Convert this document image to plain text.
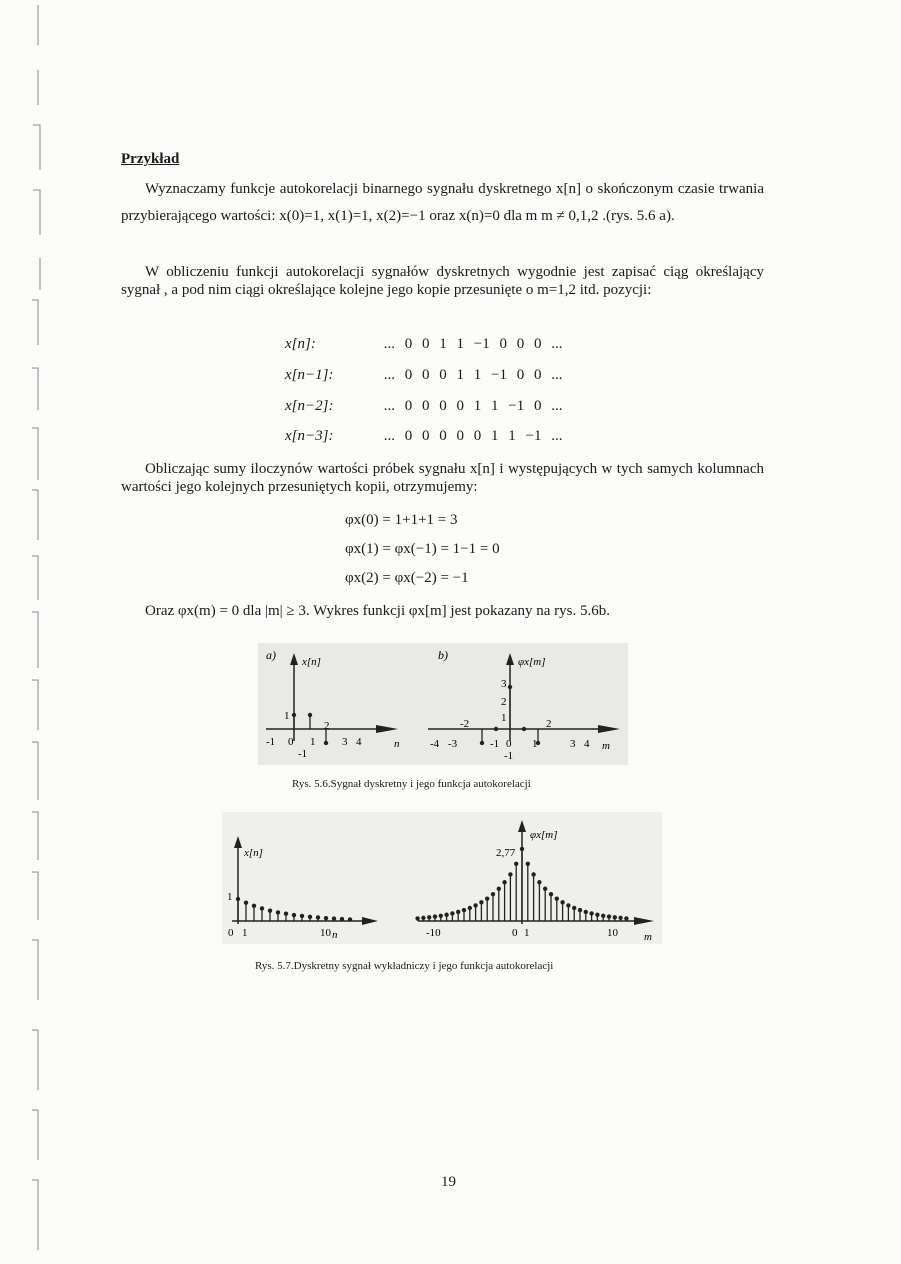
Przykład
Wyznaczamy funkcje autokorelacji binarnego sygnału dyskretnego x[n] o skończonym czasie trwania przybierającego wartości: x(0)=1, x(1)=1, x(2)=−1 oraz x(n)=0 dla m m ≠ 0,1,2 .(rys. 5.6 a).
W obliczeniu funkcji autokorelacji sygnałów dyskretnych wygodnie jest zapisać ciąg określający sygnał , a pod nim ciągi określające kolejne jego kopie przesunięte o m=1,2 itd. pozycji:
x[n]:	... 0 0 1 1 −1 0 0 0 ...
x[n−1]:	... 0 0 0 1 1 −1 0 0 ...
x[n−2]:	... 0 0 0 0 1 1 −1 0 ...
x[n−3]:	... 0 0 0 0 0 1 1 −1 ...
Obliczając sumy iloczynów wartości próbek sygnału x[n] i występujących w tych samych kolumnach wartości jego kolejnych przesuniętych kopii, otrzymujemy:
φx(0) = 1+1+1 = 3
φx(1) = φx(−1) = 1−1 = 0
φx(2) = φx(−2) = −1
Oraz φx(m) = 0 dla |m| ≥ 3. Wykres funkcji φx[m] jest pokazany na rys. 5.6b.
a) x[n]
n
1
2
-1
-1 0 1 3 4
b)	φx[m]
m
3
2
1
-2
-1
2
-4 -3	-1 0 1	3 4
Rys. 5.6.Sygnał dyskretny i jego funkcja autokorelacji
x[n]
n
1
0 1	10
φx[m]
m
2,77
-10	0 1	10
Rys. 5.7.Dyskretny sygnał wykładniczy i jego funkcja autokorelacji
19
